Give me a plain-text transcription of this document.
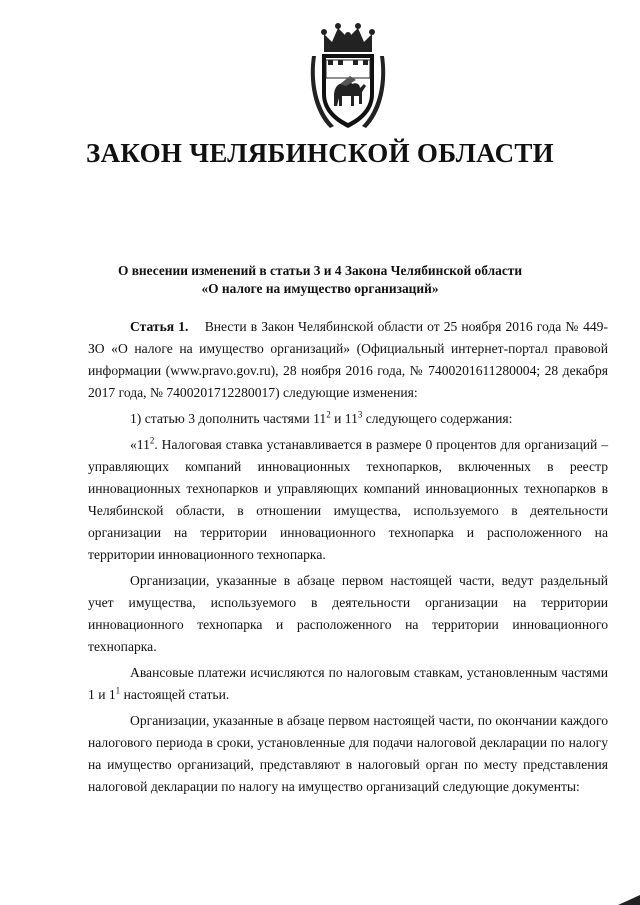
ЗАКОН ЧЕЛЯБИНСКОЙ ОБЛАСТИ
О внесении изменений в статьи 3 и 4 Закона Челябинской области
«О налоге на имущество организаций»

Статья 1. Внести в Закон Челябинской области от 25 ноября 2016 года № 449-ЗО «О налоге на имущество организаций» (Официальный интернет-портал правовой информации (www.pravo.gov.ru), 28 ноября 2016 года, № 7400201611280004; 28 декабря 2017 года, № 7400201712280017) следующие изменения:

1) статью 3 дополнить частями $11^2$ и $11^3$ следующего содержания:

«$11^2$. Налоговая ставка устанавливается в размере 0 процентов для организаций – управляющих компаний инновационных технопарков, включенных в реестр инновационных технопарков и управляющих компаний инновационных технопарков в Челябинской области, в отношении имущества, используемого в деятельности организации на территории инновационного технопарка и расположенного на территории инновационного технопарка.

Организации, указанные в абзаце первом настоящей части, ведут раздельный учет имущества, используемого в деятельности организации на территории инновационного технопарка и расположенного на территории инновационного технопарка.

Авансовые платежи исчисляются по налоговым ставкам, установленным частями 1 и $1^1$ настоящей статьи.

Организации, указанные в абзаце первом настоящей части, по окончании каждого налогового периода в сроки, установленные для подачи налоговой декларации по налогу на имущество организаций, представляют в налоговый орган по месту представления налоговой декларации по налогу на имущество организаций следующие документы:
